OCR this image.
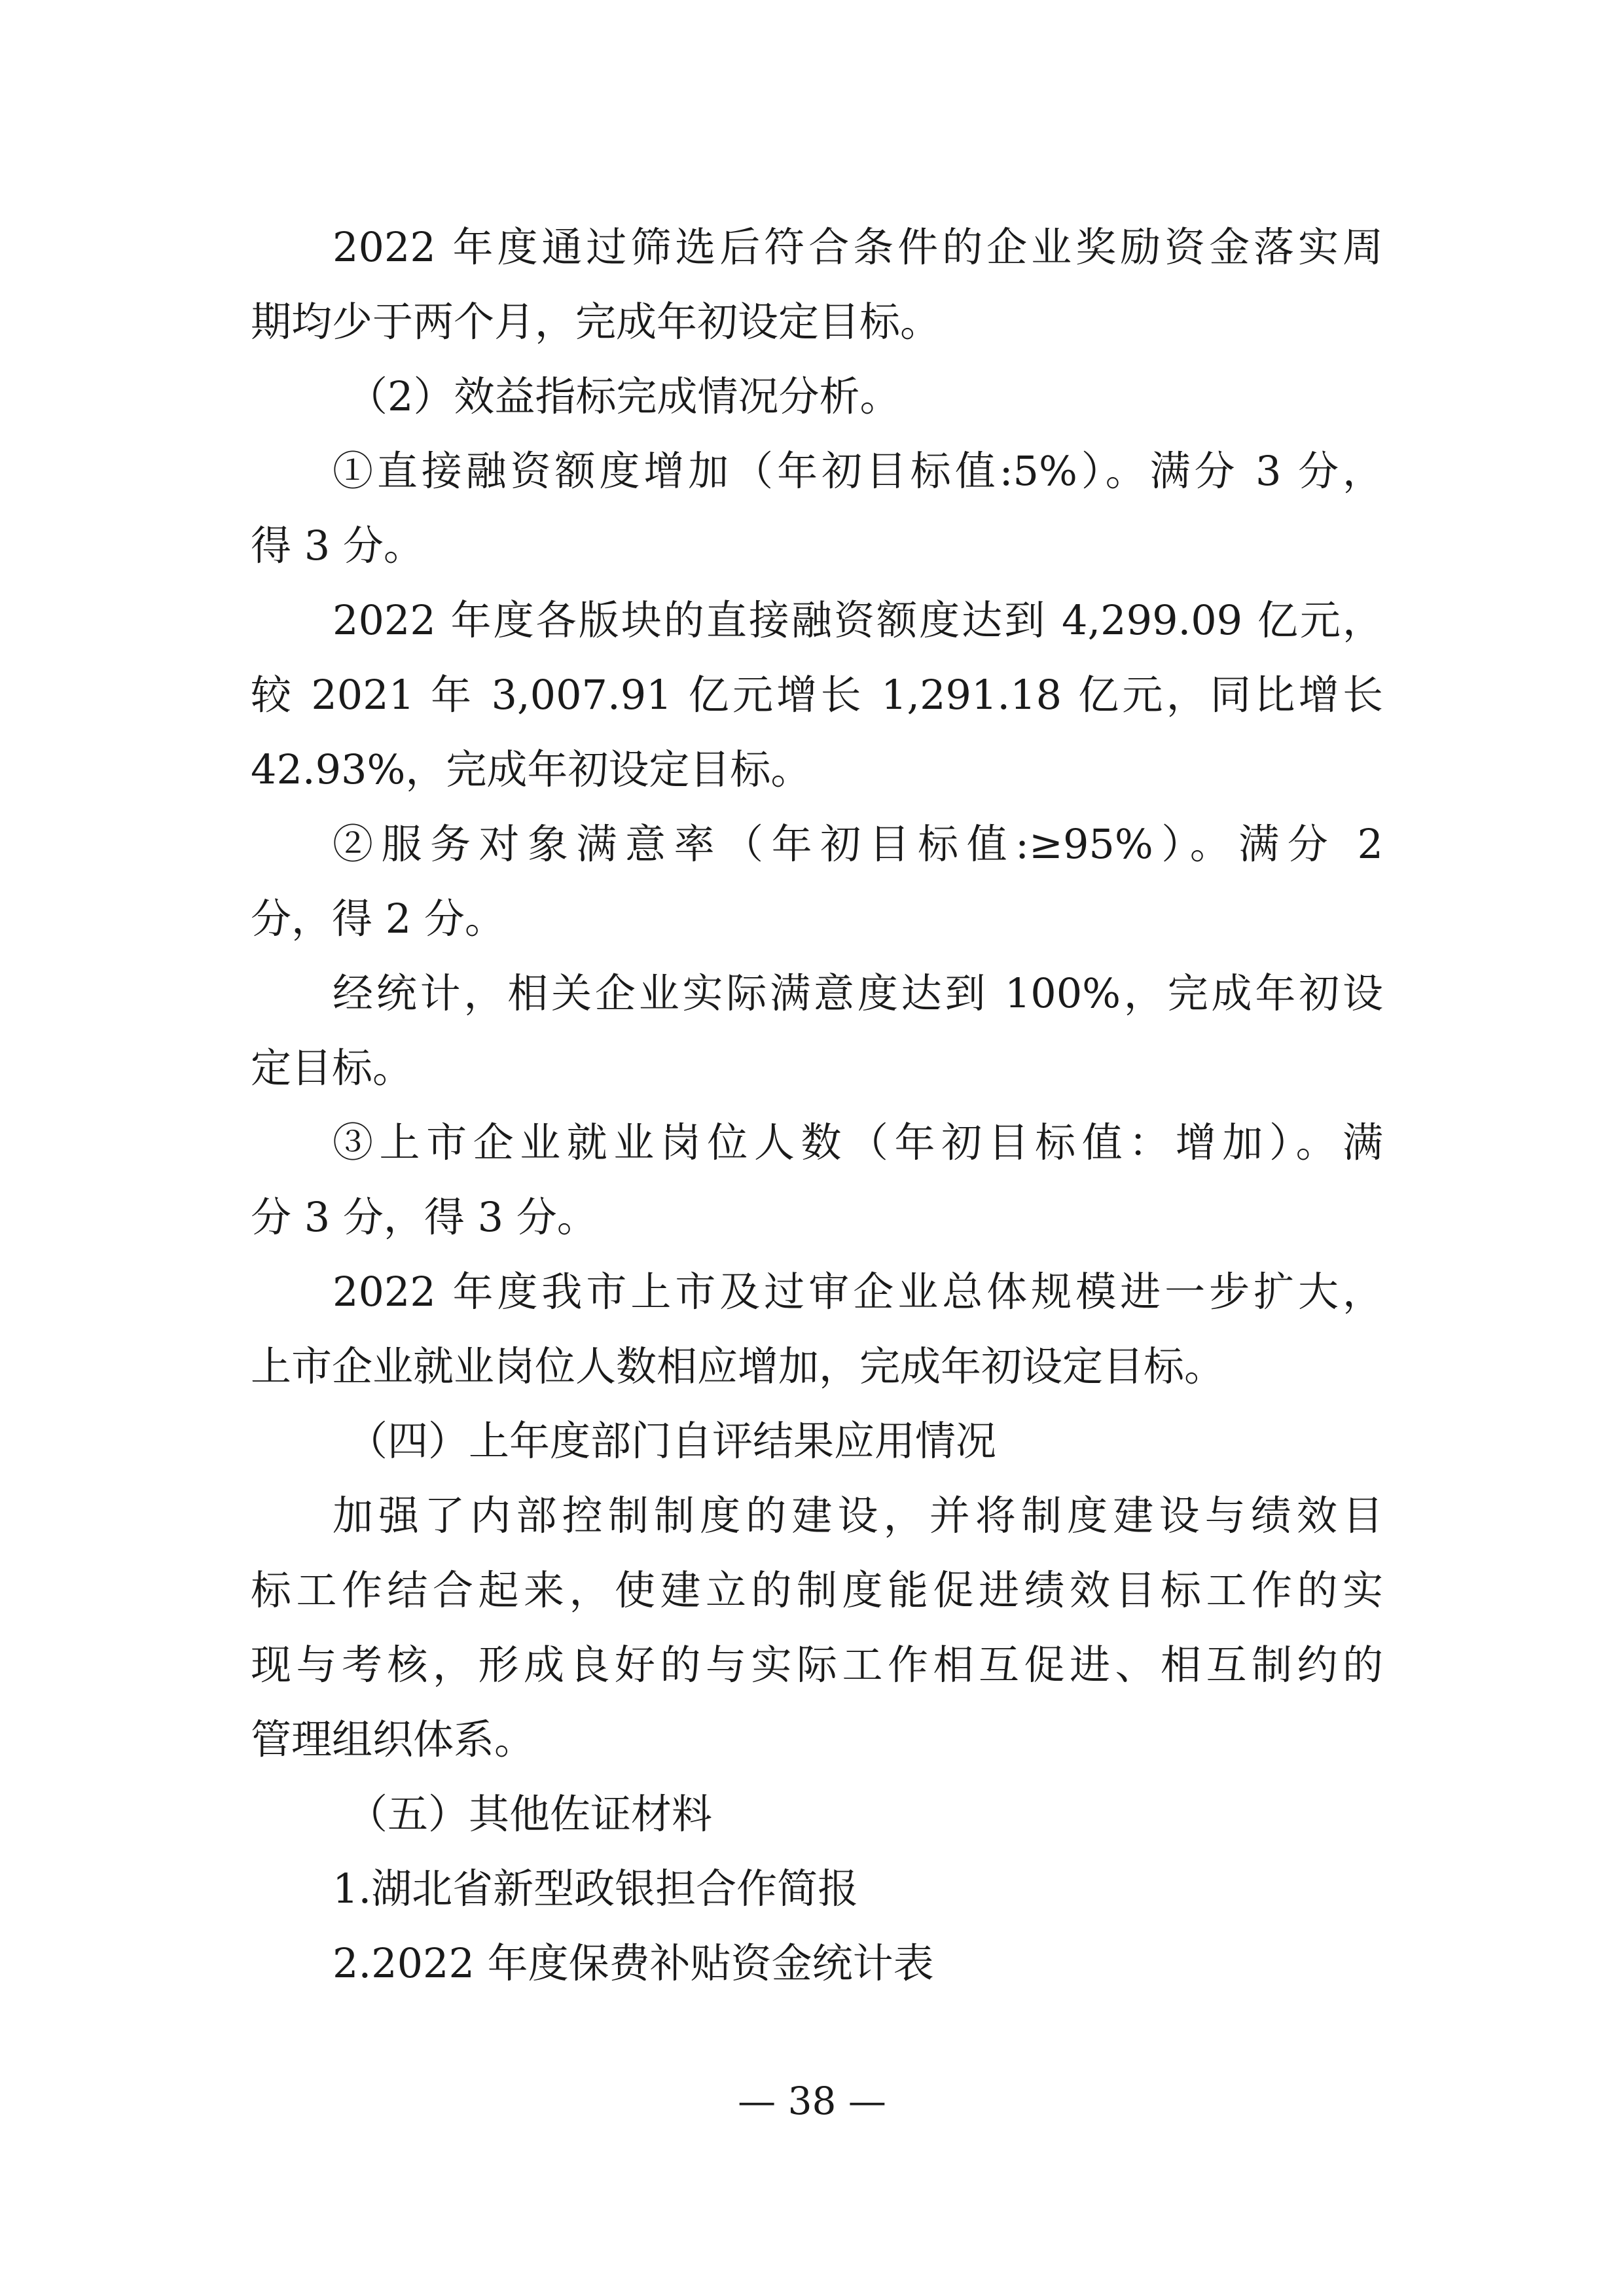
2022 年度通过筛选后符合条件的企业奖励资金落实周
期均少于两个月，完成年初设定目标。
（2）效益指标完成情况分析。
①直接融资额度增加（年初目标值:5%）。满分 3 分，
得 3 分。
2022 年度各版块的直接融资额度达到 4,299.09 亿元，
较 2021 年 3,007.91 亿元增长 1,291.18 亿元，同比增长
42.93%，完成年初设定目标。
②服务对象满意率（年初目标值:≥95%）。满分 2
分，得 2 分。
经统计，相关企业实际满意度达到 100%，完成年初设
定目标。
③上市企业就业岗位人数（年初目标值：增加）。满
分 3 分，得 3 分。
2022 年度我市上市及过审企业总体规模进一步扩大，
上市企业就业岗位人数相应增加，完成年初设定目标。
（四）上年度部门自评结果应用情况
加强了内部控制制度的建设，并将制度建设与绩效目
标工作结合起来，使建立的制度能促进绩效目标工作的实
现与考核，形成良好的与实际工作相互促进、相互制约的
管理组织体系。
（五）其他佐证材料
1.湖北省新型政银担合作简报
2.2022 年度保费补贴资金统计表
— 38 —
